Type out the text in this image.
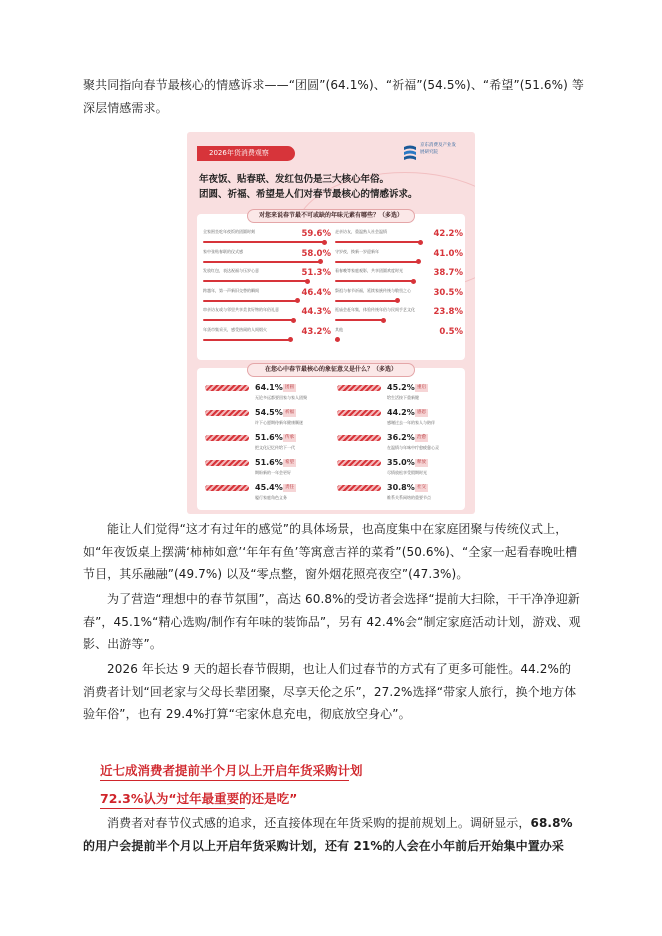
聚共同指向春节最核心的情感诉求——“团圆”(64.1%)、“祈福”(54.5%)、“希望”(51.6%) 等
深层情感需求。
2026年货消费观察
京东消费及产业发展研究院
年夜饭、贴春联、发红包仍是三大核心年俗。
团圆、祈福、希望是人们对春节最核心的情感诉求。
对您来说春节最不可或缺的年味元素有哪些？（多选）
全家围坐吃年夜饭的团圆时刻	59.6%
家中张贴春联的仪式感	58.0%
发放红包，表达祝福与压岁心意	51.3%
跨越年，第一声新旧交替的瞬间	46.4%
串亲访友或与邻里共享美食好物的年俗礼意	44.3%
年货市集采买，感受热闹的人间烟火	43.2%
走亲访友，重温熟人社会温情	42.2%
守岁夜，换新一岁迎新年	41.0%
看春晚等家庭观影，共享团圆欢度时光	38.7%
祭祖与春节祈福，延续家族传统与敬畏之心	30.5%
逛庙会赶年集，体验传统年俗与民间手艺文化	23.8%
其他	0.5%
在您心中春节最核心的象征意义是什么？（多选）
64.1% 团圆
无论多远都要回家与家人团聚
54.5% 祈福
许下心愿期待新年健康顺遂
51.6% 传承
把文化记忆传给下一代
51.6% 希望
期盼新的一年会更好
45.4% 责任
履行家庭角色义务
45.2% 重启
给生活按下重新键
44.2% 感恩
感谢过去一年的家人与陪伴
36.2% 治愈
在温情与年味中疗愈疲惫心灵
35.0% 释放
尽情放松享受假期时光
30.8% 社交
维系关系网络的重要节点
能让人们觉得“这才有过年的感觉”的具体场景，也高度集中在家庭团聚与传统仪式上，如“年夜饭桌上摆满‘柿柿如意’‘年年有鱼’等寓意吉祥的菜肴”(50.6%)、“全家一起看春晚吐槽节目，其乐融融”(49.7%) 以及“零点整，窗外烟花照亮夜空”(47.3%)。
为了营造“理想中的春节氛围”，高达 60.8%的受访者会选择“提前大扫除，干干净净迎新春”，45.1%“精心选购/制作有年味的装饰品”，另有 42.4%会“制定家庭活动计划，游戏、观影、出游等”。
2026 年长达 9 天的超长春节假期，也让人们过春节的方式有了更多可能性。44.2%的消费者计划“回老家与父母长辈团聚，尽享天伦之乐”，27.2%选择“带家人旅行，换个地方体验年俗”，也有 29.4%打算“宅家休息充电，彻底放空身心”。
近七成消费者提前半个月以上开启年货采购计划
72.3%认为“过年最重要的还是吃”
消费者对春节仪式感的追求，还直接体现在年货采购的提前规划上。调研显示，68.8%的用户会提前半个月以上开启年货采购计划，还有 21%的人会在小年前后开始集中置办采
